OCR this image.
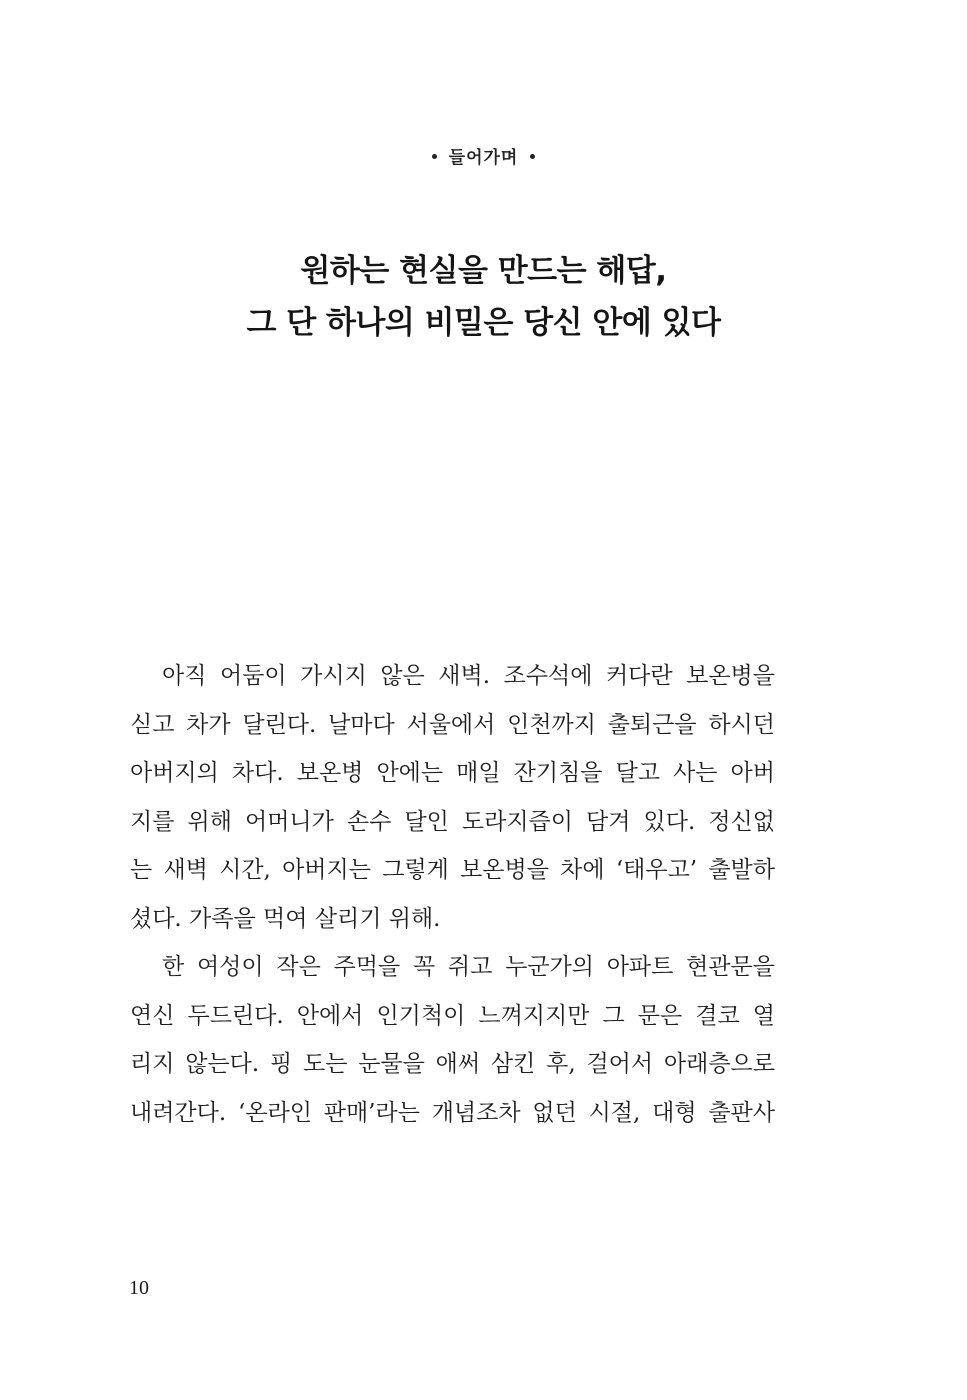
들어가며
원하는 현실을 만드는 해답,
그 단 하나의 비밀은 당신 안에 있다
아직 어둠이 가시지 않은 새벽. 조수석에 커다란 보온병을
싣고 차가 달린다. 날마다 서울에서 인천까지 출퇴근을 하시던
아버지의 차다. 보온병 안에는 매일 잔기침을 달고 사는 아버
지를 위해 어머니가 손수 달인 도라지즙이 담겨 있다. 정신없
는 새벽 시간, 아버지는 그렇게 보온병을 차에 ‘태우고’ 출발하
셨다. 가족을 먹여 살리기 위해.
한 여성이 작은 주먹을 꼭 쥐고 누군가의 아파트 현관문을
연신 두드린다. 안에서 인기척이 느껴지지만 그 문은 결코 열
리지 않는다. 핑 도는 눈물을 애써 삼킨 후, 걸어서 아래층으로
내려간다. ‘온라인 판매’라는 개념조차 없던 시절, 대형 출판사
10
